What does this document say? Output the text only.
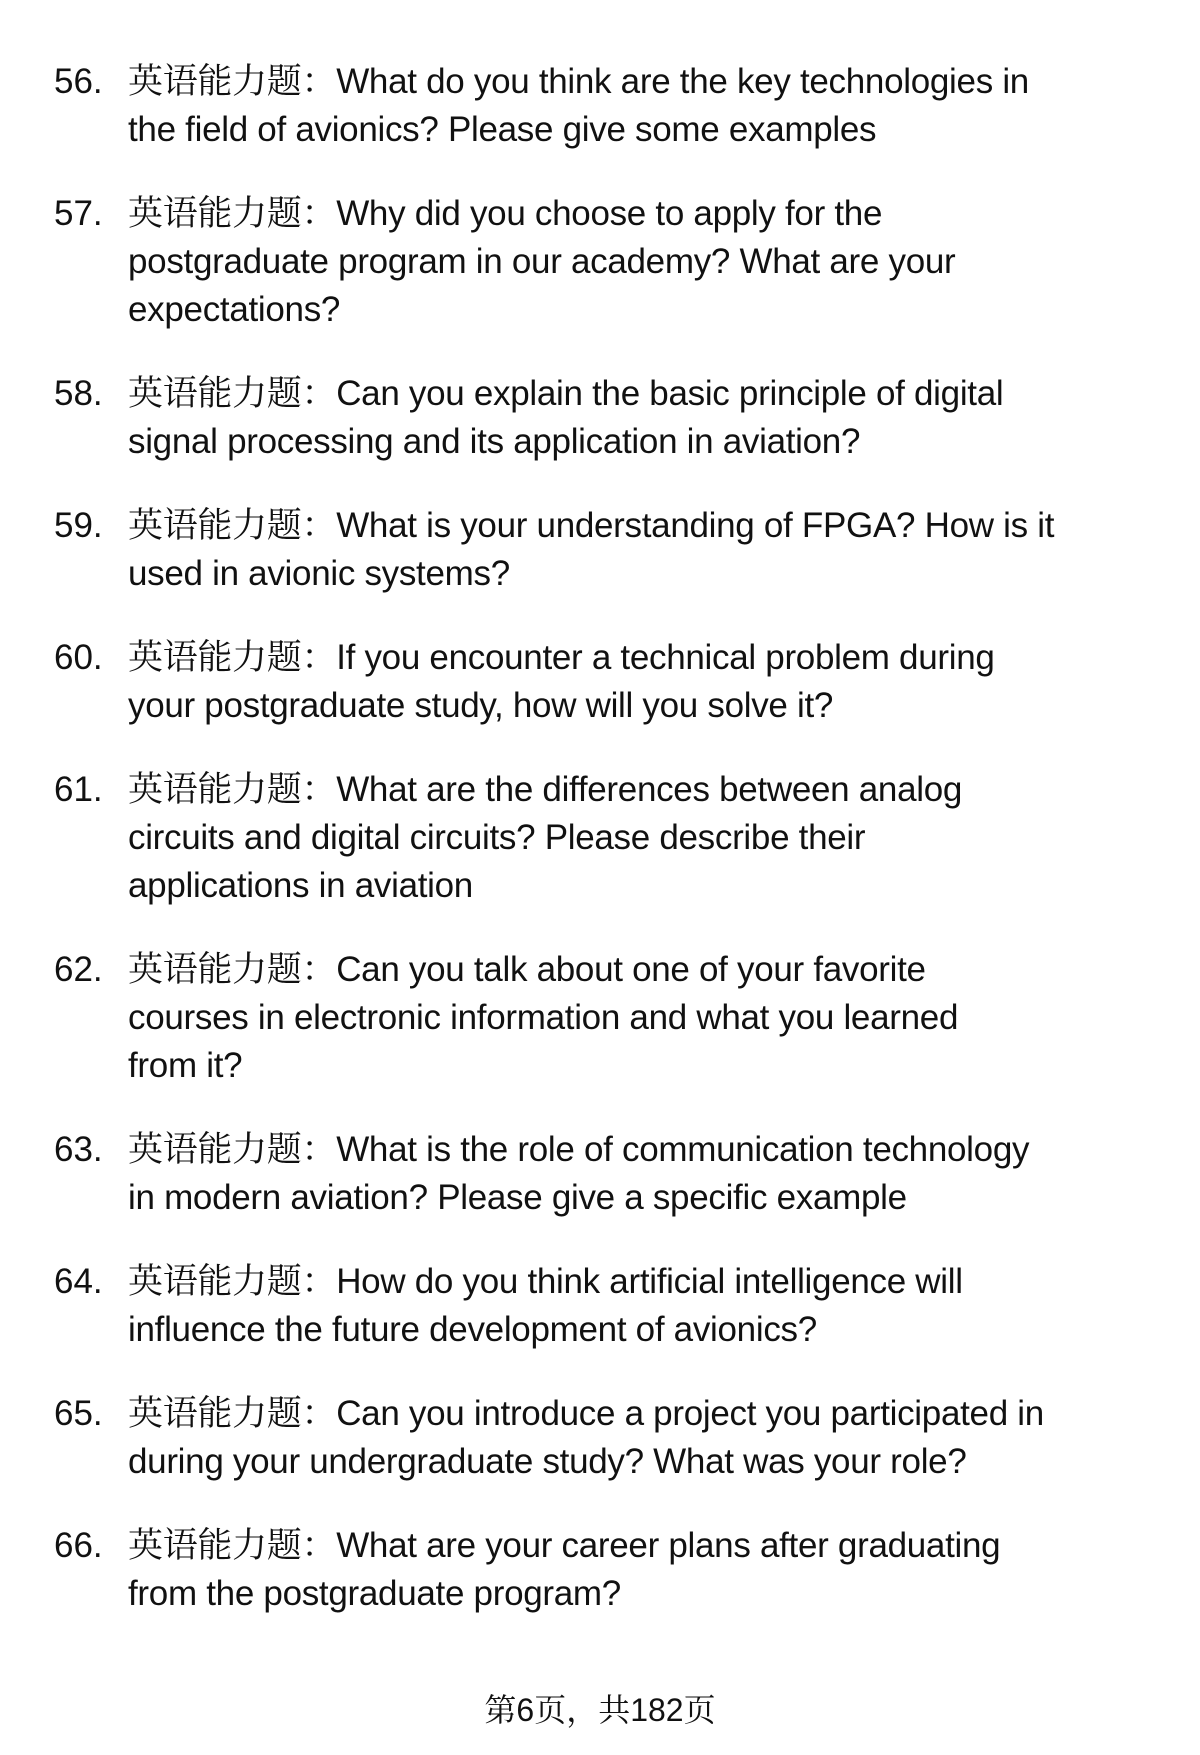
56. 英语能力题：What do you think are the key technologies in
the field of avionics? Please give some examples
57. 英语能力题：Why did you choose to apply for the
postgraduate program in our academy? What are your
expectations?
58. 英语能力题：Can you explain the basic principle of digital
signal processing and its application in aviation?
59. 英语能力题：What is your understanding of FPGA? How is it
used in avionic systems?
60. 英语能力题：If you encounter a technical problem during
your postgraduate study, how will you solve it?
61. 英语能力题：What are the differences between analog
circuits and digital circuits? Please describe their
applications in aviation
62. 英语能力题：Can you talk about one of your favorite
courses in electronic information and what you learned
from it?
63. 英语能力题：What is the role of communication technology
in modern aviation? Please give a specific example
64. 英语能力题：How do you think artificial intelligence will
influence the future development of avionics?
65. 英语能力题：Can you introduce a project you participated in
during your undergraduate study? What was your role?
66. 英语能力题：What are your career plans after graduating
from the postgraduate program?
第6页，共182页
